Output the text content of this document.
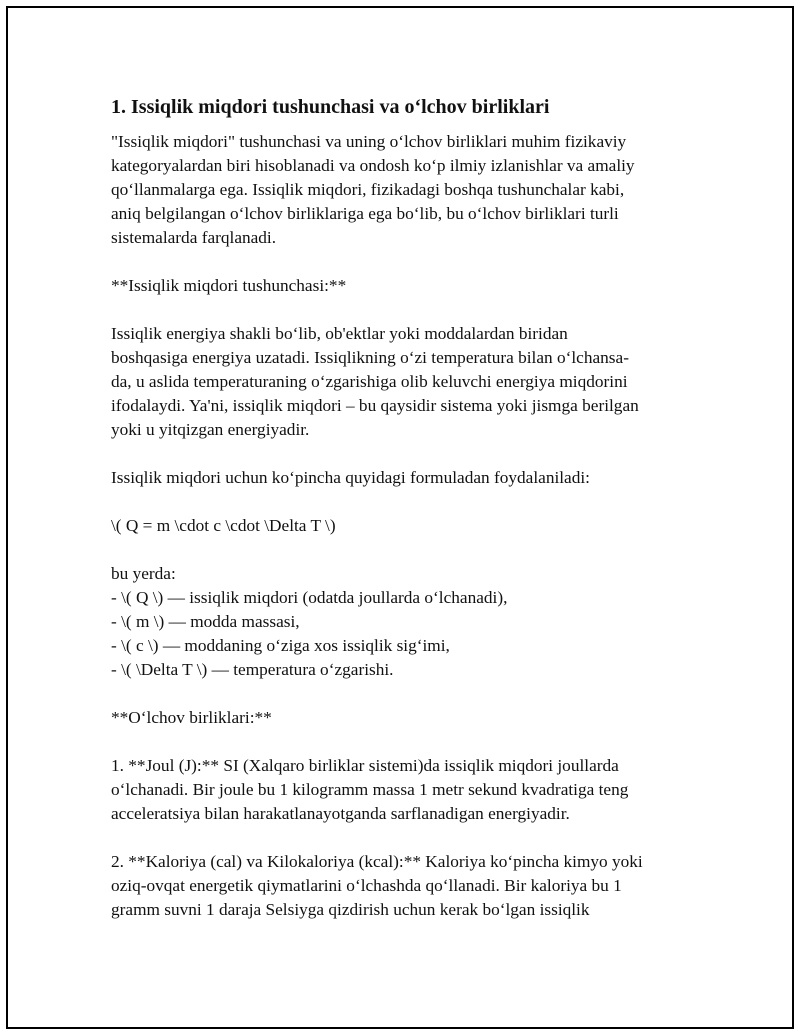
1. Issiqlik miqdori tushunchasi va oʻlchov birliklari
"Issiqlik miqdori" tushunchasi va uning oʻlchov birliklari muhim fizikaviy
kategoryalardan biri hisoblanadi va ondosh koʻp ilmiy izlanishlar va amaliy
qoʻllanmalarga ega. Issiqlik miqdori, fizikadagi boshqa tushunchalar kabi,
aniq belgilangan oʻlchov birliklariga ega boʻlib, bu oʻlchov birliklari turli
sistemalarda farqlanadi.
**Issiqlik miqdori tushunchasi:**
Issiqlik energiya shakli boʻlib, ob'ektlar yoki moddalardan biridan
boshqasiga energiya uzatadi. Issiqlikning oʻzi temperatura bilan oʻlchansa-
da, u aslida temperaturaning oʻzgarishiga olib keluvchi energiya miqdorini
ifodalaydi. Ya'ni, issiqlik miqdori – bu qaysidir sistema yoki jismga berilgan
yoki u yitqizgan energiyadir.
Issiqlik miqdori uchun koʻpincha quyidagi formuladan foydalaniladi:
\( Q = m \cdot c \cdot \Delta T \)
bu yerda:
- \( Q \) — issiqlik miqdori (odatda joullarda oʻlchanadi),
- \( m \) — modda massasi,
- \( c \) — moddaning oʻziga xos issiqlik sigʻimi,
- \( \Delta T \) — temperatura oʻzgarishi.
**Oʻlchov birliklari:**
1. **Joul (J):** SI (Xalqaro birliklar sistemi)da issiqlik miqdori joullarda
oʻlchanadi. Bir joule bu 1 kilogramm massa 1 metr sekund kvadratiga teng
acceleratsiya bilan harakatlanayotganda sarflanadigan energiyadir.
2. **Kaloriya (cal) va Kilokaloriya (kcal):** Kaloriya koʻpincha kimyo yoki
oziq-ovqat energetik qiymatlarini oʻlchashda qoʻllanadi. Bir kaloriya bu 1
gramm suvni 1 daraja Selsiyga qizdirish uchun kerak boʻlgan issiqlik
